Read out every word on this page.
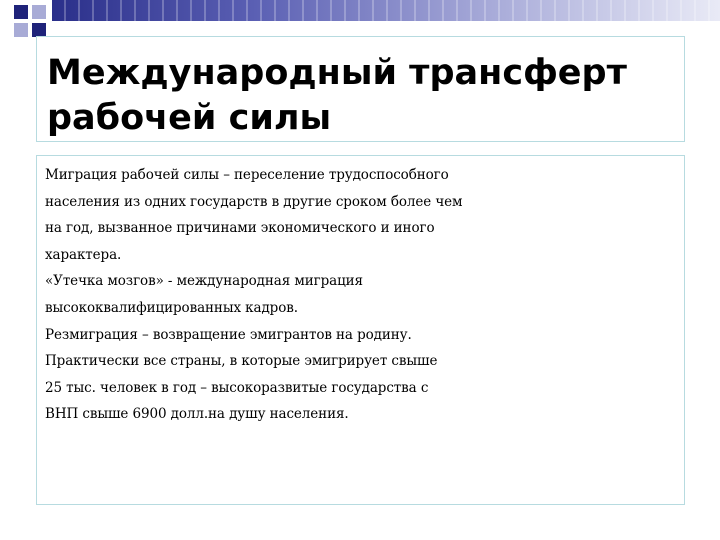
Международный трансферт
рабочей силы
Миграция рабочей силы – переселение трудоспособного
населения из одних государств в другие сроком более чем
на год, вызванное причинами экономического и иного
характера.
«Утечка мозгов» - международная миграция
высококвалифицированных кадров.
Резмиграция – возвращение эмигрантов на родину.
Практически все страны, в которые эмигрирует свыше
25 тыс. человек в год – высокоразвитые государства с
ВНП свыше 6900 долл.на душу населения.
